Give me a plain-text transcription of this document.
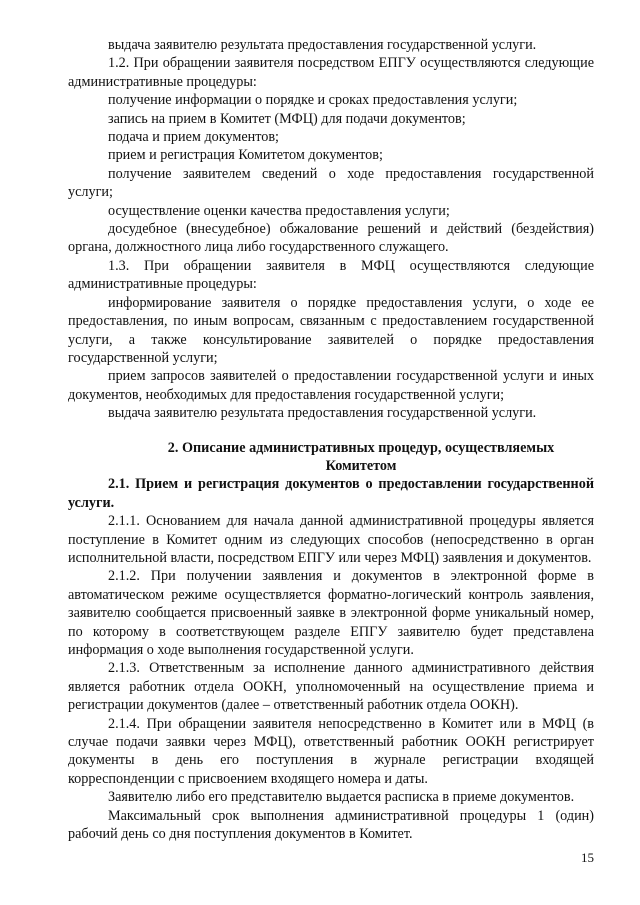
выдача заявителю результата предоставления государственной услуги.

1.2. При обращении заявителя посредством ЕПГУ осуществляются следующие административные процедуры:

получение информации о порядке и сроках предоставления услуги;

запись на прием в Комитет (МФЦ) для подачи документов;

подача и прием документов;

прием и регистрация Комитетом документов;

получение заявителем сведений о ходе предоставления государственной услуги;

осуществление оценки качества предоставления услуги;

досудебное (внесудебное) обжалование решений и действий (бездействия) органа, должностного лица либо государственного служащего.

1.3. При обращении заявителя в МФЦ осуществляются следующие административные процедуры:

информирование заявителя о порядке предоставления услуги, о ходе ее предоставления, по иным вопросам, связанным с предоставлением государственной услуги, а также консультирование заявителей о порядке предоставления государственной услуги;

прием запросов заявителей о предоставлении государственной услуги и иных документов, необходимых для предоставления государственной услуги;

выдача заявителю результата предоставления государственной услуги.

2. Описание административных процедур, осуществляемых Комитетом

2.1. Прием и регистрация документов о предоставлении государственной услуги.

2.1.1. Основанием для начала данной административной процедуры является поступление в Комитет одним из следующих способов (непосредственно в орган исполнительной власти, посредством ЕПГУ или через МФЦ) заявления и документов.

2.1.2. При получении заявления и документов в электронной форме в автоматическом режиме осуществляется форматно-логический контроль заявления, заявителю сообщается присвоенный заявке в электронной форме уникальный номер, по которому в соответствующем разделе ЕПГУ заявителю будет представлена информация о ходе выполнения государственной услуги.

2.1.3. Ответственным за исполнение данного административного действия является работник отдела ООКН, уполномоченный на осуществление приема и регистрации документов (далее – ответственный работник отдела ООКН).

2.1.4. При обращении заявителя непосредственно в Комитет или в МФЦ (в случае подачи заявки через МФЦ), ответственный работник ООКН регистрирует документы в день его поступления в журнале регистрации входящей корреспонденции с присвоением входящего номера и даты.

Заявителю либо его представителю выдается расписка в приеме документов.

Максимальный срок выполнения административной процедуры 1 (один) рабочий день со дня поступления документов в Комитет.

15
